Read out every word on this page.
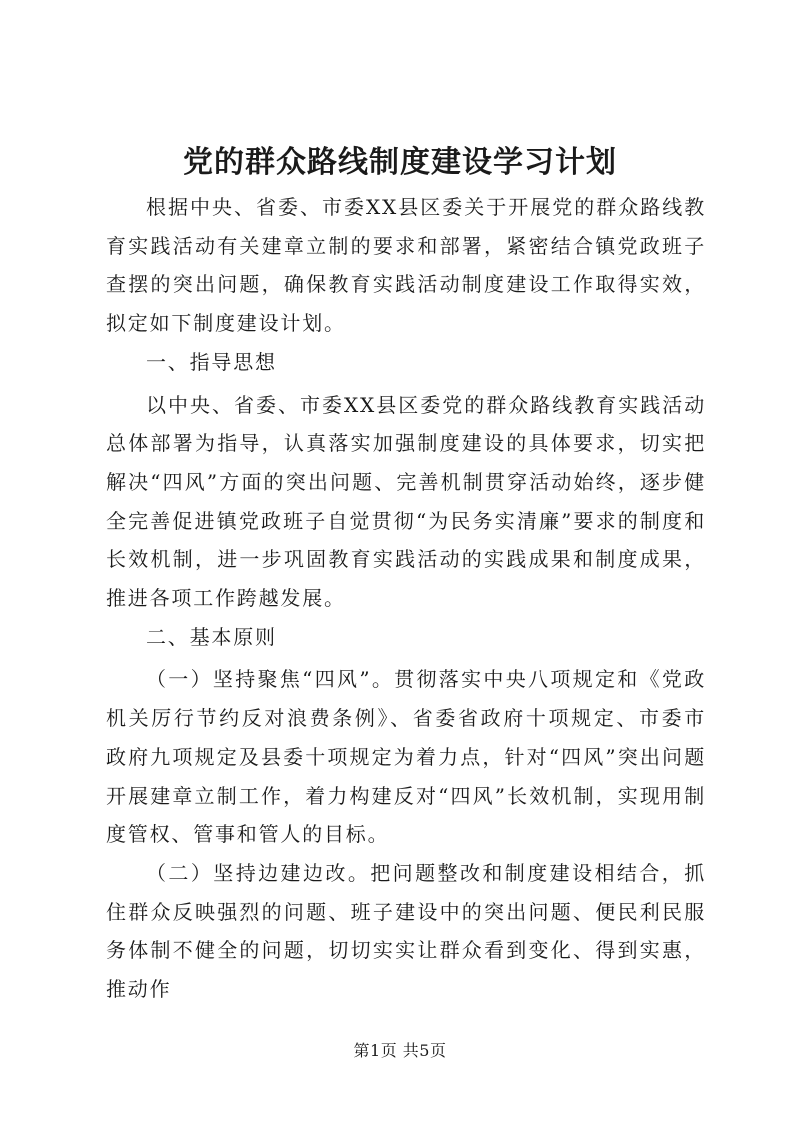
党的群众路线制度建设学习计划

根据中央、省委、市委XX县区委关于开展党的群众路线教育实践活动有关建章立制的要求和部署，紧密结合镇党政班子查摆的突出问题，确保教育实践活动制度建设工作取得实效，拟定如下制度建设计划。

一、指导思想

以中央、省委、市委XX县区委党的群众路线教育实践活动总体部署为指导，认真落实加强制度建设的具体要求，切实把解决“四风”方面的突出问题、完善机制贯穿活动始终，逐步健全完善促进镇党政班子自觉贯彻“为民务实清廉”要求的制度和长效机制，进一步巩固教育实践活动的实践成果和制度成果，推进各项工作跨越发展。

二、基本原则

（一）坚持聚焦“四风”。贯彻落实中央八项规定和《党政机关厉行节约反对浪费条例》、省委省政府十项规定、市委市政府九项规定及县委十项规定为着力点，针对“四风”突出问题开展建章立制工作，着力构建反对“四风”长效机制，实现用制度管权、管事和管人的目标。

（二）坚持边建边改。把问题整改和制度建设相结合，抓住群众反映强烈的问题、班子建设中的突出问题、便民利民服务体制不健全的问题，切切实实让群众看到变化、得到实惠，推动作

第1页 共5页
